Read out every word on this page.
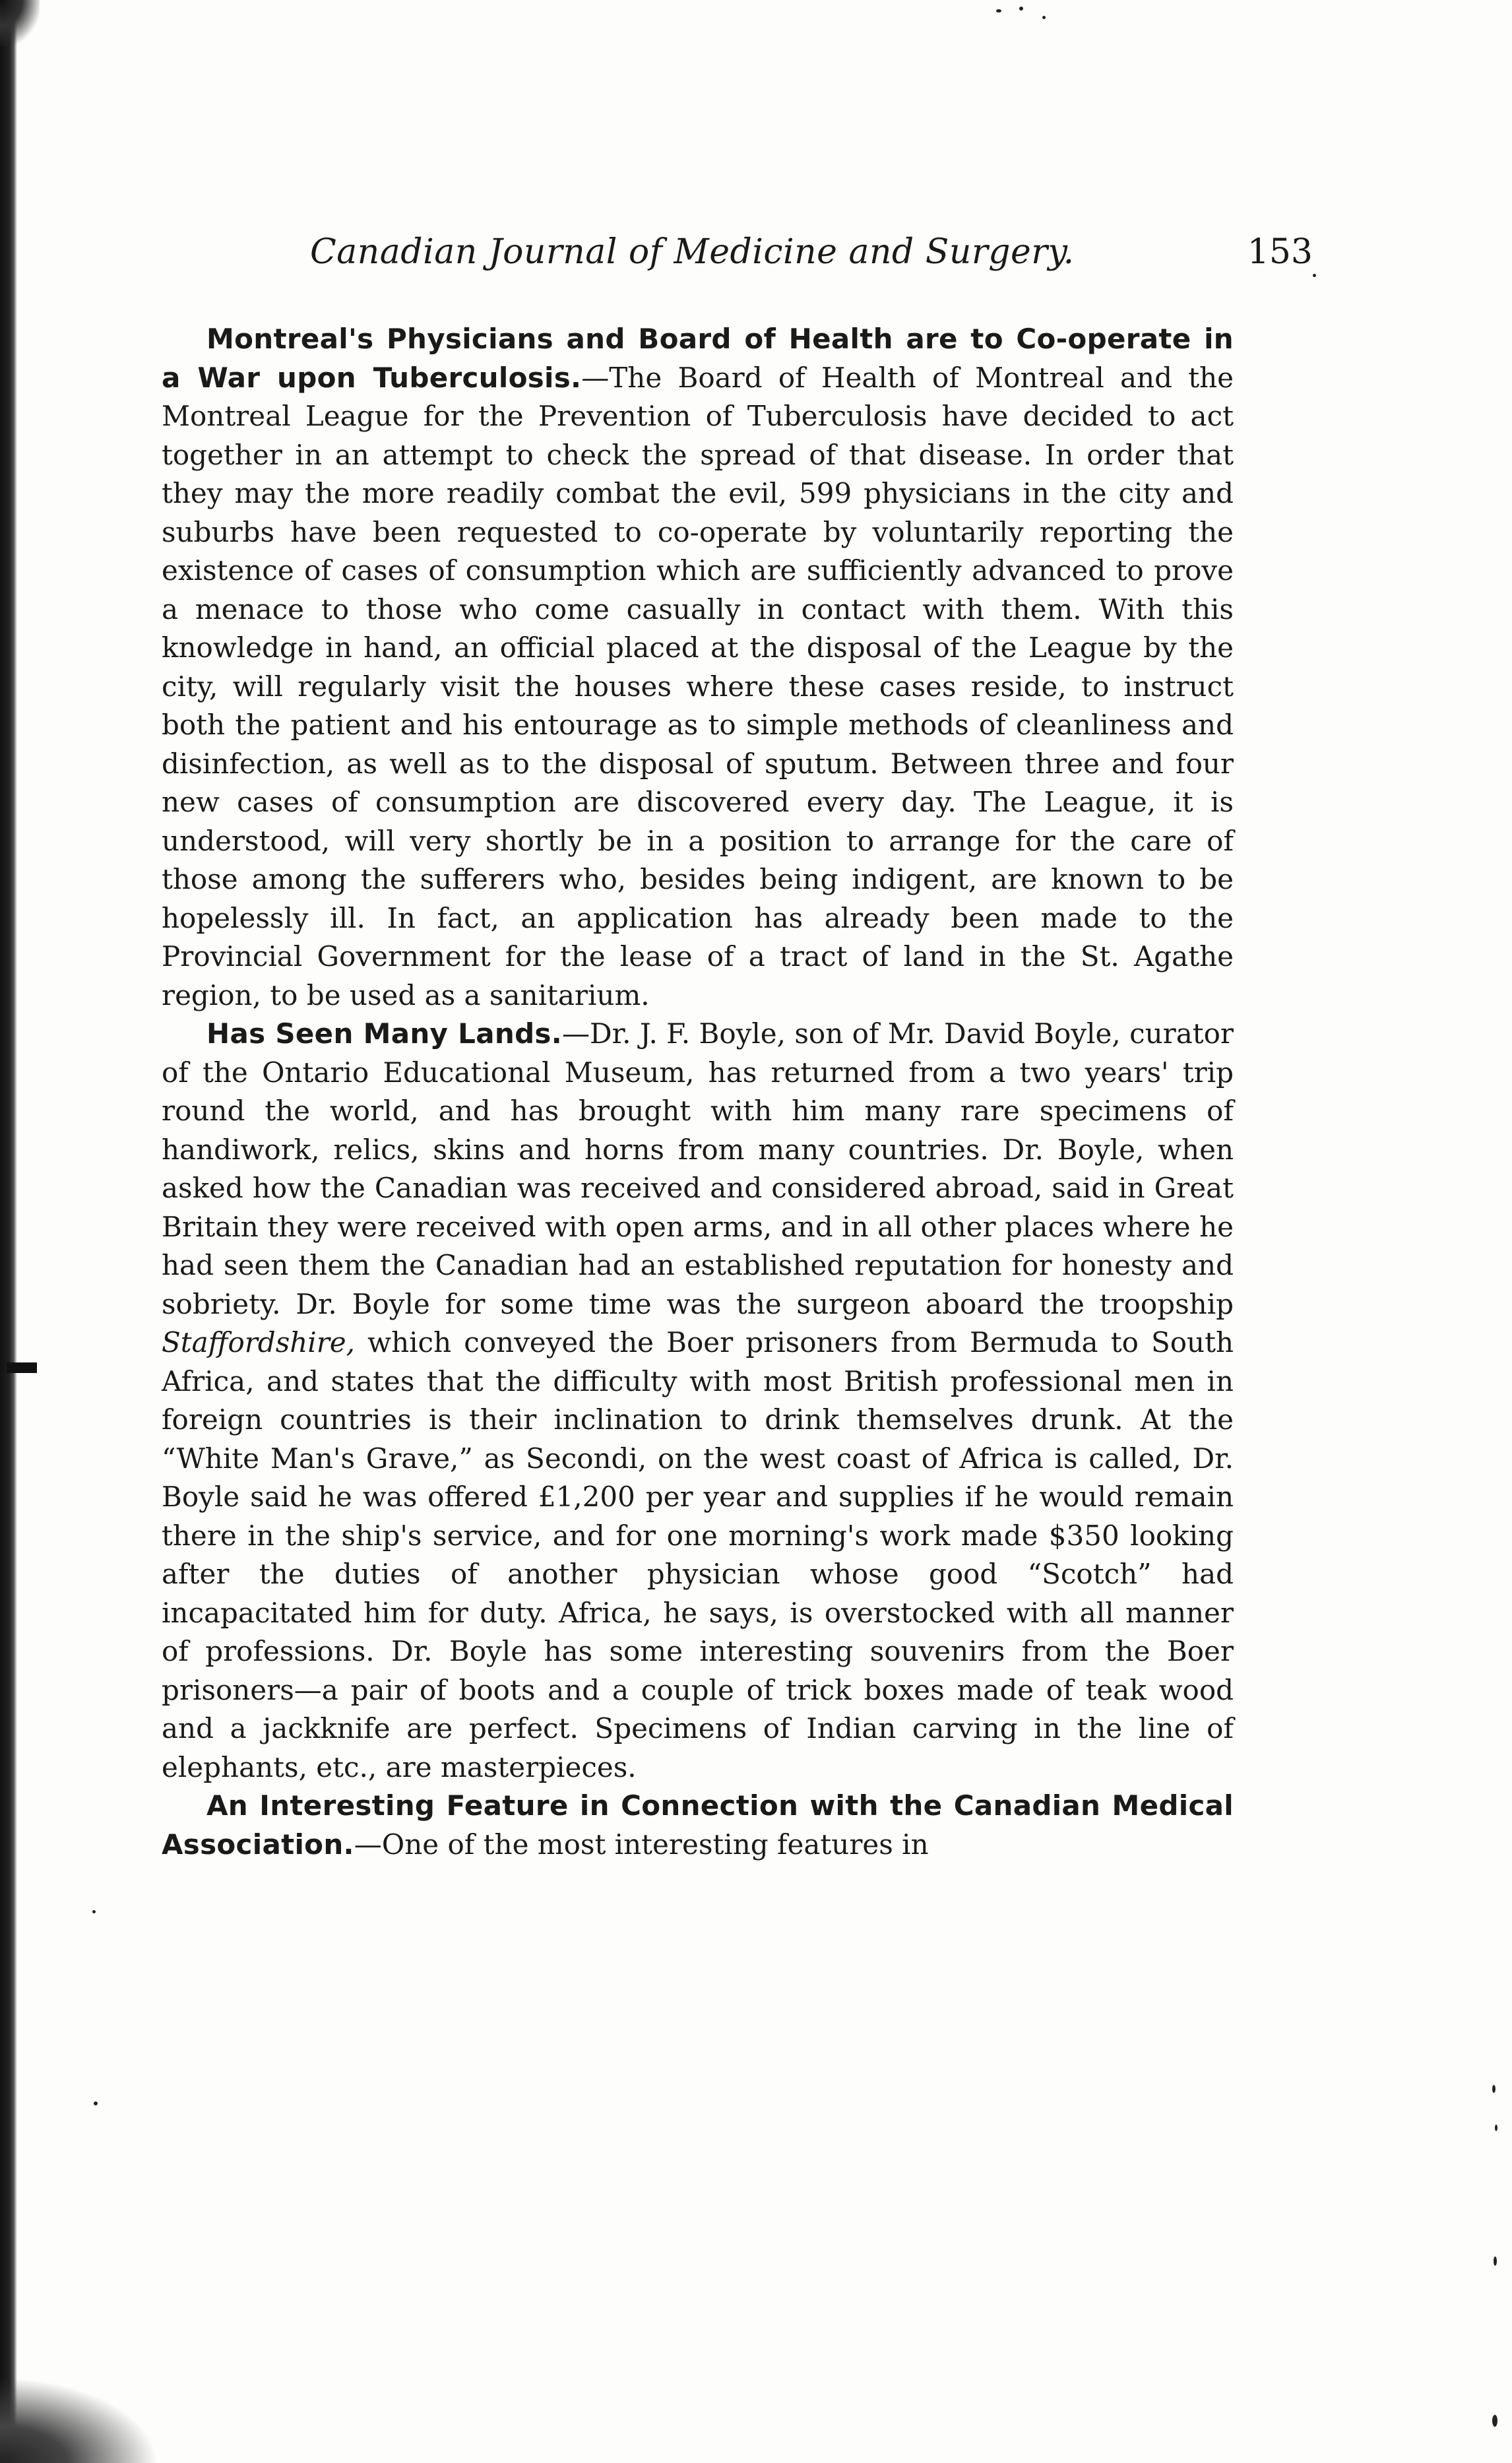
Canadian Journal of Medicine and Surgery.	153

Montreal's Physicians and Board of Health are to Co-operate in a War upon Tuberculosis.—The Board of Health of Montreal and the Montreal League for the Prevention of Tuberculosis have decided to act together in an attempt to check the spread of that disease. In order that they may the more readily combat the evil, 599 physicians in the city and suburbs have been requested to co-operate by voluntarily reporting the existence of cases of consumption which are sufficiently advanced to prove a menace to those who come casually in contact with them. With this knowledge in hand, an official placed at the disposal of the League by the city, will regularly visit the houses where these cases reside, to instruct both the patient and his entourage as to simple methods of cleanliness and disinfection, as well as to the disposal of sputum. Between three and four new cases of consumption are discovered every day. The League, it is understood, will very shortly be in a position to arrange for the care of those among the sufferers who, besides being indigent, are known to be hopelessly ill. In fact, an application has already been made to the Provincial Government for the lease of a tract of land in the St. Agathe region, to be used as a sanitarium.

Has Seen Many Lands.—Dr. J. F. Boyle, son of Mr. David Boyle, curator of the Ontario Educational Museum, has returned from a two years' trip round the world, and has brought with him many rare specimens of handiwork, relics, skins and horns from many countries. Dr. Boyle, when asked how the Canadian was received and considered abroad, said in Great Britain they were received with open arms, and in all other places where he had seen them the Canadian had an established reputation for honesty and sobriety. Dr. Boyle for some time was the surgeon aboard the troopship Staffordshire, which conveyed the Boer prisoners from Bermuda to South Africa, and states that the difficulty with most British professional men in foreign countries is their inclination to drink themselves drunk. At the “White Man's Grave,” as Secondi, on the west coast of Africa is called, Dr. Boyle said he was offered £1,200 per year and supplies if he would remain there in the ship's service, and for one morning's work made $350 looking after the duties of another physician whose good “Scotch” had incapacitated him for duty. Africa, he says, is overstocked with all manner of professions. Dr. Boyle has some interesting souvenirs from the Boer prisoners—a pair of boots and a couple of trick boxes made of teak wood and a jackknife are perfect. Specimens of Indian carving in the line of elephants, etc., are masterpieces.

An Interesting Feature in Connection with the Canadian Medical Association.—One of the most interesting features in
